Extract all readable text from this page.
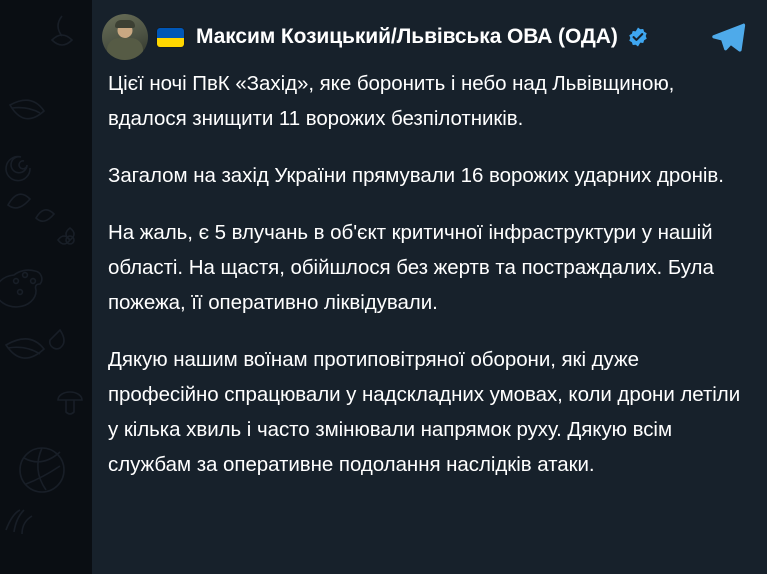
Максим Козицький/Львівська ОВА (ОДА)

Цієї ночі ПвК «Захід», яке боронить і небо над Львівщиною, вдалося знищити 11 ворожих безпілотників.

Загалом на захід України прямували 16 ворожих ударних дронів.

На жаль, є 5 влучань в об'єкт критичної інфраструктури у нашій області. На щастя, обійшлося без жертв та постраждалих. Була пожежа, її оперативно ліквідували.

Дякую нашим воїнам протиповітряної оборони, які дуже професійно спрацювали у надскладних умовах, коли дрони летіли у кілька хвиль і часто змінювали напрямок руху. Дякую всім службам за оперативне подолання наслідків атаки.
